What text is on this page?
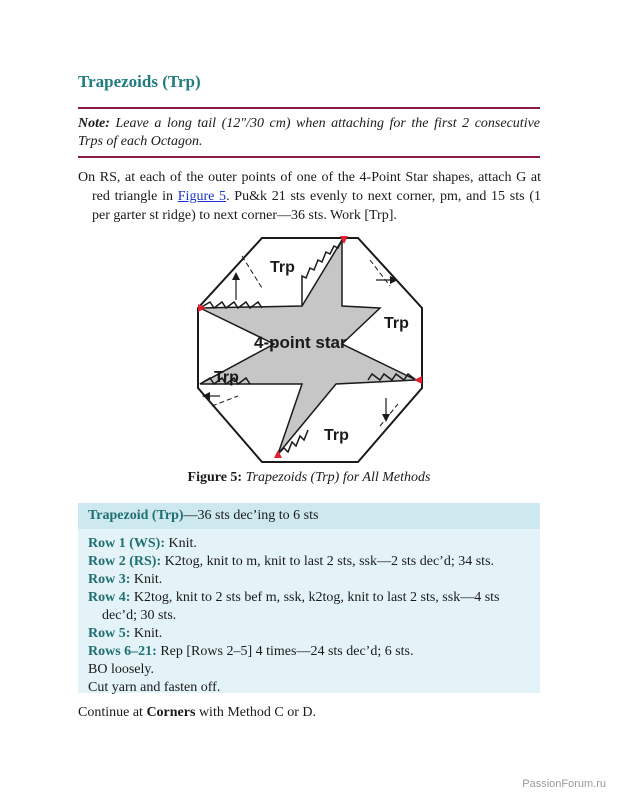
Trapezoids (Trp)
Note: Leave a long tail (12″/30 cm) when attaching for the first 2 consecutive Trps of each Octagon.

On RS, at each of the outer points of one of the 4-Point Star shapes, attach G at red triangle in Figure 5. Pu&k 21 sts evenly to next corner, pm, and 15 sts (1 per garter st ridge) to next corner—36 sts. Work [Trp].

Trp
Trp
Trp
Trp
4-point star
Figure 5: Trapezoids (Trp) for All Methods
Trapezoid (Trp)—36 sts dec’ing to 6 sts
Row 1 (WS): Knit.
Row 2 (RS): K2tog, knit to m, knit to last 2 sts, ssk—2 sts dec’d; 34 sts.
Row 3: Knit.
Row 4: K2tog, knit to 2 sts bef m, ssk, k2tog, knit to last 2 sts, ssk—4 sts dec’d; 30 sts.
Row 5: Knit.
Rows 6–21: Rep [Rows 2–5] 4 times—24 sts dec’d; 6 sts.
BO loosely.
Cut yarn and fasten off.
Continue at Corners with Method C or D.
PassionForum.ru
